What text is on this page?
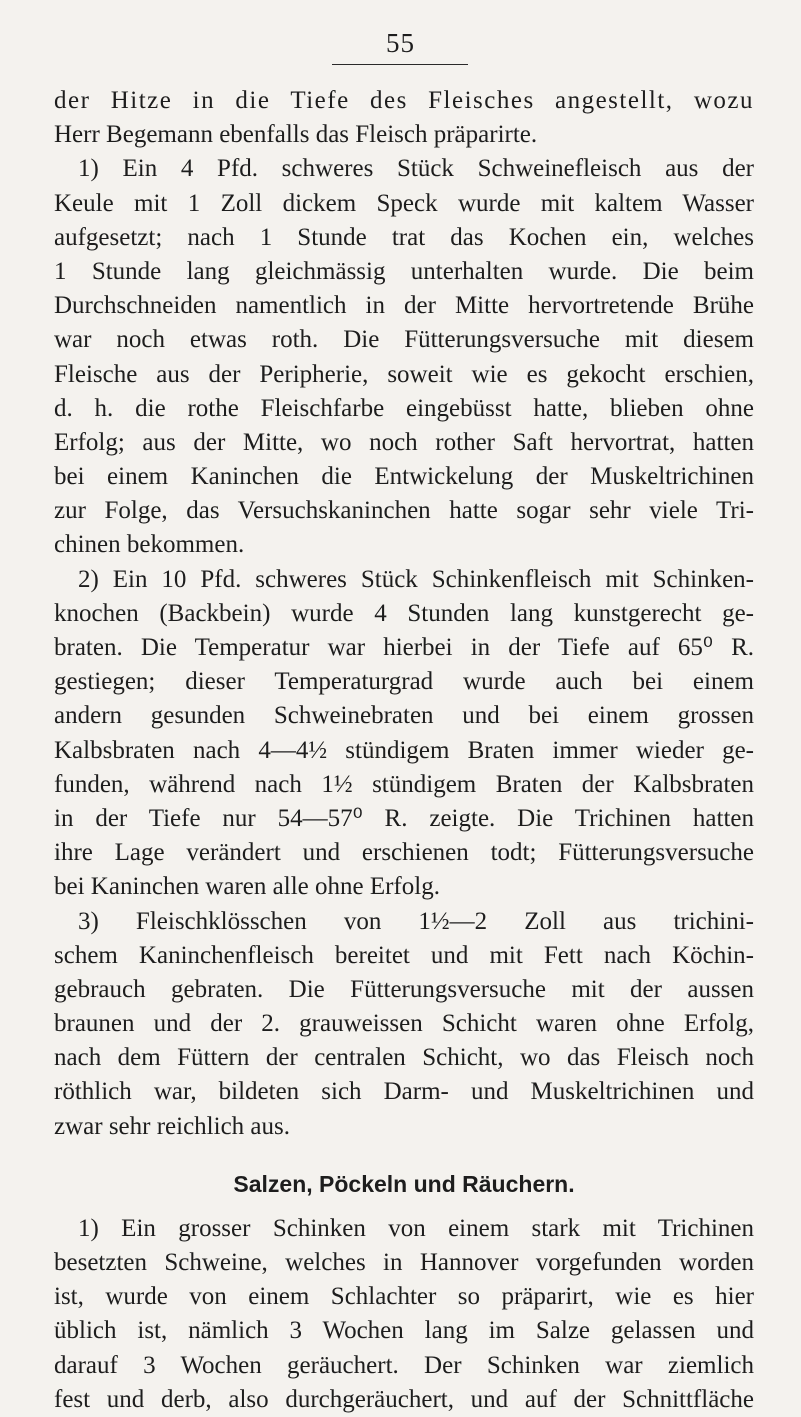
55
der Hitze in die Tiefe des Fleisches angestellt, wozu
Herr Begemann ebenfalls das Fleisch präparirte.
1) Ein 4 Pfd. schweres Stück Schweinefleisch aus der
Keule mit 1 Zoll dickem Speck wurde mit kaltem Wasser
aufgesetzt; nach 1 Stunde trat das Kochen ein, welches
1 Stunde lang gleichmässig unterhalten wurde. Die beim
Durchschneiden namentlich in der Mitte hervortretende Brühe
war noch etwas roth. Die Fütterungsversuche mit diesem
Fleische aus der Peripherie, soweit wie es gekocht erschien,
d. h. die rothe Fleischfarbe eingebüsst hatte, blieben ohne
Erfolg; aus der Mitte, wo noch rother Saft hervortrat, hatten
bei einem Kaninchen die Entwickelung der Muskeltrichinen
zur Folge, das Versuchskaninchen hatte sogar sehr viele Tri-
chinen bekommen.
2) Ein 10 Pfd. schweres Stück Schinkenfleisch mit Schinken-
knochen (Backbein) wurde 4 Stunden lang kunstgerecht ge-
braten. Die Temperatur war hierbei in der Tiefe auf 65⁰ R.
gestiegen; dieser Temperaturgrad wurde auch bei einem
andern gesunden Schweinebraten und bei einem grossen
Kalbsbraten nach 4—4½ stündigem Braten immer wieder ge-
funden, während nach 1½ stündigem Braten der Kalbsbraten
in der Tiefe nur 54—57⁰ R. zeigte. Die Trichinen hatten
ihre Lage verändert und erschienen todt; Fütterungsversuche
bei Kaninchen waren alle ohne Erfolg.
3) Fleischklösschen von 1½—2 Zoll aus trichini-
schem Kaninchenfleisch bereitet und mit Fett nach Köchin-
gebrauch gebraten. Die Fütterungsversuche mit der aussen
braunen und der 2. grauweissen Schicht waren ohne Erfolg,
nach dem Füttern der centralen Schicht, wo das Fleisch noch
röthlich war, bildeten sich Darm- und Muskeltrichinen und
zwar sehr reichlich aus.
Salzen, Pöckeln und Räuchern.
1) Ein grosser Schinken von einem stark mit Trichinen
besetzten Schweine, welches in Hannover vorgefunden worden
ist, wurde von einem Schlachter so präparirt, wie es hier
üblich ist, nämlich 3 Wochen lang im Salze gelassen und
darauf 3 Wochen geräuchert. Der Schinken war ziemlich
fest und derb, also durchgeräuchert, und auf der Schnittfläche
